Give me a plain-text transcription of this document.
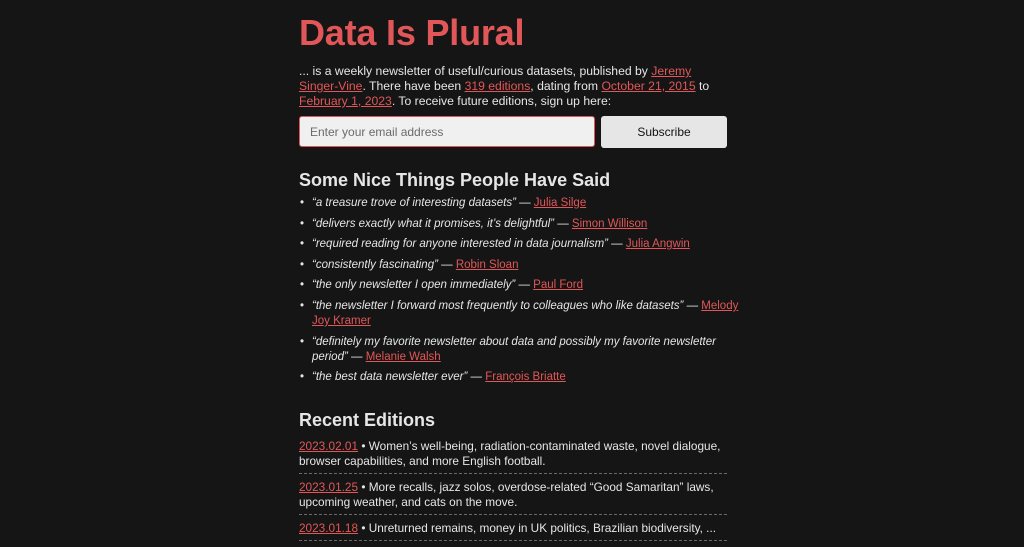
Data Is Plural

... is a weekly newsletter of useful/curious datasets, published by Jeremy Singer-Vine. There have been 319 editions, dating from October 21, 2015 to February 1, 2023. To receive future editions, sign up here:

Enter your email address
Subscribe
Some Nice Things People Have Said
• “a treasure trove of interesting datasets” — Julia Silge
• “delivers exactly what it promises, it’s delightful” — Simon Willison
• “required reading for anyone interested in data journalism” — Julia Angwin
• “consistently fascinating” — Robin Sloan
• “the only newsletter I open immediately” — Paul Ford
• “the newsletter I forward most frequently to colleagues who like datasets” — Melody Joy Kramer
• “definitely my favorite newsletter about data and possibly my favorite newsletter period” — Melanie Walsh
• “the best data newsletter ever” — François Briatte
Recent Editions
2023.02.01 • Women’s well-being, radiation-contaminated waste, novel dialogue, browser capabilities, and more English football.
2023.01.25 • More recalls, jazz solos, overdose-related “Good Samaritan” laws, upcoming weather, and cats on the move.
2023.01.18 • Unreturned remains, money in UK politics, Brazilian biodiversity, ...
